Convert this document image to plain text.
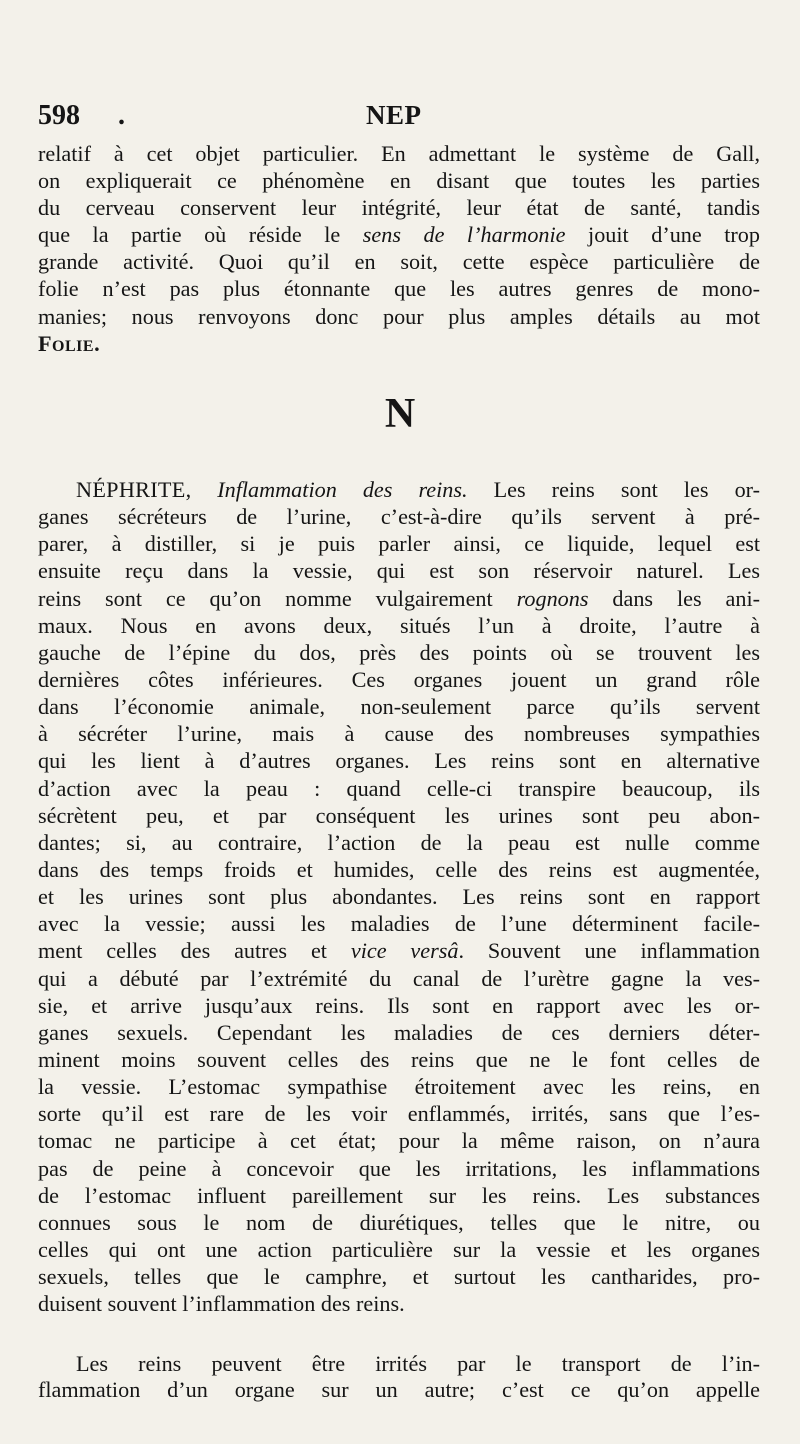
598 .	NEP
relatif à cet objet particulier. En admettant le système de Gall,
on expliquerait ce phénomène en disant que toutes les parties
du cerveau conservent leur intégrité, leur état de santé, tandis
que la partie où réside le sens de l’harmonie jouit d’une trop
grande activité. Quoi qu’il en soit, cette espèce particulière de
folie n’est pas plus étonnante que les autres genres de mono-
manies; nous renvoyons donc pour plus amples détails au mot
Folie.
N
NÉPHRITE, Inflammation des reins. Les reins sont les or-
ganes sécréteurs de l’urine, c’est-à-dire qu’ils servent à pré-
parer, à distiller, si je puis parler ainsi, ce liquide, lequel est
ensuite reçu dans la vessie, qui est son réservoir naturel. Les
reins sont ce qu’on nomme vulgairement rognons dans les ani-
maux. Nous en avons deux, situés l’un à droite, l’autre à
gauche de l’épine du dos, près des points où se trouvent les
dernières côtes inférieures. Ces organes jouent un grand rôle
dans l’économie animale, non-seulement parce qu’ils servent
à sécréter l’urine, mais à cause des nombreuses sympathies
qui les lient à d’autres organes. Les reins sont en alternative
d’action avec la peau : quand celle-ci transpire beaucoup, ils
sécrètent peu, et par conséquent les urines sont peu abon-
dantes; si, au contraire, l’action de la peau est nulle comme
dans des temps froids et humides, celle des reins est augmentée,
et les urines sont plus abondantes. Les reins sont en rapport
avec la vessie; aussi les maladies de l’une déterminent facile-
ment celles des autres et vice versâ. Souvent une inflammation
qui a débuté par l’extrémité du canal de l’urètre gagne la ves-
sie, et arrive jusqu’aux reins. Ils sont en rapport avec les or-
ganes sexuels. Cependant les maladies de ces derniers déter-
minent moins souvent celles des reins que ne le font celles de
la vessie. L’estomac sympathise étroitement avec les reins, en
sorte qu’il est rare de les voir enflammés, irrités, sans que l’es-
tomac ne participe à cet état; pour la même raison, on n’aura
pas de peine à concevoir que les irritations, les inflammations
de l’estomac influent pareillement sur les reins. Les substances
connues sous le nom de diurétiques, telles que le nitre, ou
celles qui ont une action particulière sur la vessie et les organes
sexuels, telles que le camphre, et surtout les cantharides, pro-
duisent souvent l’inflammation des reins.
Les reins peuvent être irrités par le transport de l’in-
flammation d’un organe sur un autre; c’est ce qu’on appelle
